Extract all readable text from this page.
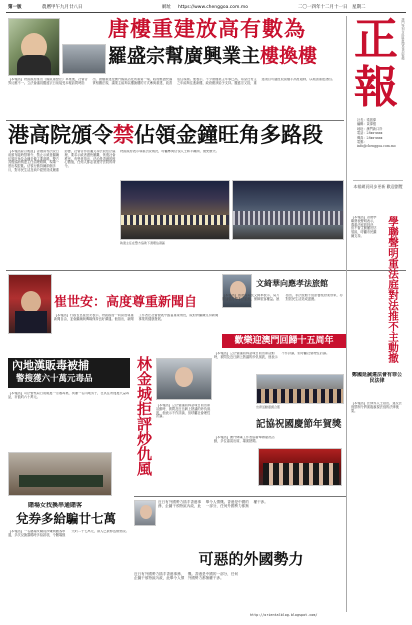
第一版	農曆甲午九月廿八日	網址 https://www.chenggoa.com.mo	二〇一四年十二月十一日　星期二
唐樓重建放高有數為
羅盛宗幫廣興業主樓換樓
【本報訊】特區政府推出《舊區重整法》草案後，社會各界反應不一。立法會議員羅盛宗日前接受本報訪問時指出，唐樓重建是澳門舊區活化的重要一環，政府應盡快落實相關法規，讓業主能夠以樓換樓的方式參與重建，改善居住環境。他表示，不少唐樓業主年事已高，希望在有生之年能夠住進新樓，政府應該給予支持。羅盛宗又指，重建項目可適度放寬樓宇高度限制，以增加重建誘因。
正
報
澳門特別行政區新聞局登記號碼
社長：梁振偉
編輯：黃偉強
地址：澳門新口岸
電話：28xx-xxxx
傳真：28xx-xxxx
電郵：info@chenggoa.com.mo
本報網頁同步更新 歡迎瀏覽
港高院頒令禁佔領金鐘旺角多路段
【本報訊綜合報道】香港高等法院日前頒布臨時禁制令，禁止示威者繼續佔領旺角及金鐘多條主要道路。警方其後協助執達主任清理路障，現場一度出現混亂。佔領行動持續兩個多月，對市民生活及商戶經營造成嚴重影響，社會各界普遍支持法院依法處理，要求示威者盡快撤離，恢復社會秩序。有學者指出，法治是香港的核心價值，任何人都必須遵守法院的命令。
特區政府表示尊重法院裁決，呼籲參與佔領人士和平離開，避免衝突。
執達主任在警方協助下清理佔領區
學聯聲明重法庭對法推不主動撤
【本報訊】香港學聯發表聲明表示，尊重法庭的判決，但不會主動撤出佔領區，呼籲市民繼續支持。
鄭國延誡違法會有罪公民法律
【本報訊】法律界人士指出，違反法庭禁制令將面臨藐視法庭的法律後果。
崔世安：高度尊重新聞自
【本報訊】行政長官崔世安表示，特區政府一向高度尊重新聞自由，並會繼續與傳媒保持良好溝通。他指出，新聞工作者在社會發展中擔當重要角色，政府將繼續支持新聞事業的健康發展。
內地漢販毒被捕
警搜獲六十萬元毒品
【本報訊】司法警察局日前破獲一宗販毒案，拘捕一名內地男子，在其住所搜獲大量毒品，市值約六十萬元。
賭場女找換串通賭客
兌券多給騙廿七萬
【本報訊】一名賭場女職員涉嫌與賭客串通，多次兌換籌碼時多給款項，令賭場損失約二十七萬元，兩人已被移送檢察院。
文綺華向應孝法旅館
【本報訊】旅遊局局長文綺華表示，局方將加強打擊非法旅館，保障旅客權益。她指出，非法旅館不但影響旅遊業形象，亦對居民生活造成滋擾。
歡樂迎澳門回歸十五周年
林金城拒評炒仇風
【本報訊】立法會議員林金城日前出席活動時，被問及近日網上熱議的炒仇風波，他表示不作評論，但呼籲社會理性討論。
【本報訊】立法會議員林金城日前出席活動時，被問及近日網上熱議的炒仇風波，他表示不作評論，但呼籲社會理性討論。
出席活動嘉賓合照
記協祝國慶節年賀獎
【本報訊】澳門傳媒工作者協會舉辦慶祝活動，多位嘉賓出席，場面熱鬧。
近日有外國勢力插手香港事務，企圖干預特區內政，此舉令人憤慨。香港是中國的一部分，任何外國勢力都無權干涉。
可惡的外國勢力
近日有外國勢力插手香港事務，企圖干預特區內政，此舉令人憤慨。香港是中國的一部分，任何外國勢力都無權干涉。
http://orientalblog.blogspot.com/
